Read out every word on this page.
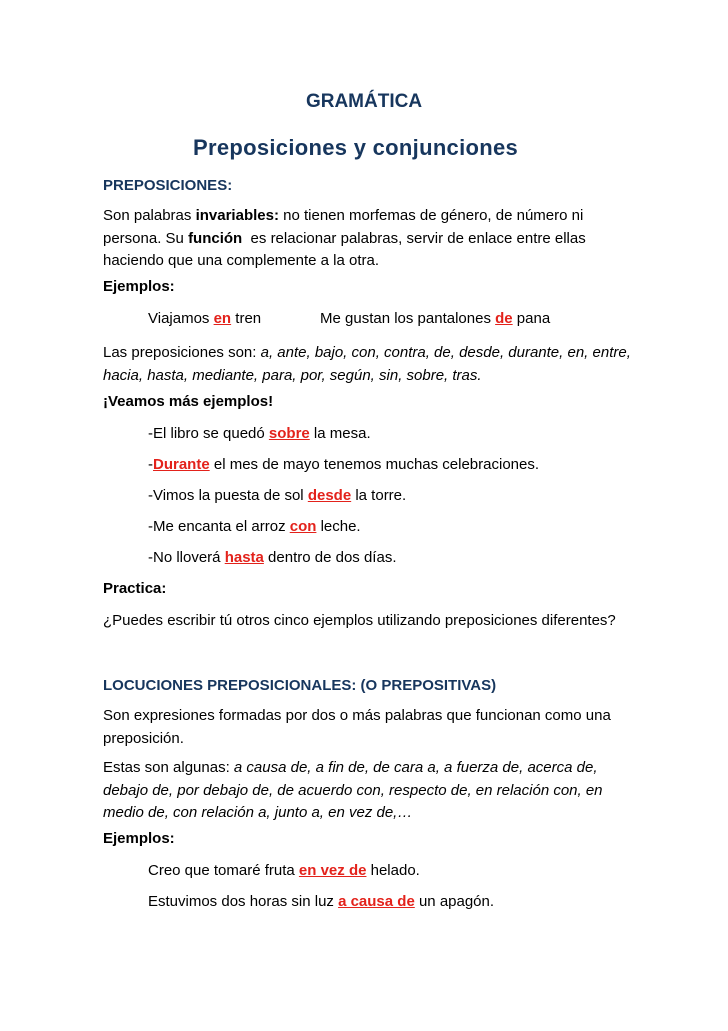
GRAMÁTICA
Preposiciones y conjunciones
PREPOSICIONES:
Son palabras invariables: no tienen morfemas de género, de número ni
persona. Su función  es relacionar palabras, servir de enlace entre ellas
haciendo que una complemente a la otra.
Ejemplos:
Viajamos en tren	Me gustan los pantalones de pana
Las preposiciones son: a, ante, bajo, con, contra, de, desde, durante, en, entre,
hacia, hasta, mediante, para, por, según, sin, sobre, tras.
¡Veamos más ejemplos!
-El libro se quedó sobre la mesa.
-Durante el mes de mayo tenemos muchas celebraciones.
-Vimos la puesta de sol desde la torre.
-Me encanta el arroz con leche.
-No lloverá hasta dentro de dos días.
Practica:
¿Puedes escribir tú otros cinco ejemplos utilizando preposiciones diferentes?
LOCUCIONES PREPOSICIONALES: (O PREPOSITIVAS)
Son expresiones formadas por dos o más palabras que funcionan como una
preposición.
Estas son algunas: a causa de, a fin de, de cara a, a fuerza de, acerca de,
debajo de, por debajo de, de acuerdo con, respecto de, en relación con, en
medio de, con relación a, junto a, en vez de,…
Ejemplos:
Creo que tomaré fruta en vez de helado.
Estuvimos dos horas sin luz a causa de un apagón.
